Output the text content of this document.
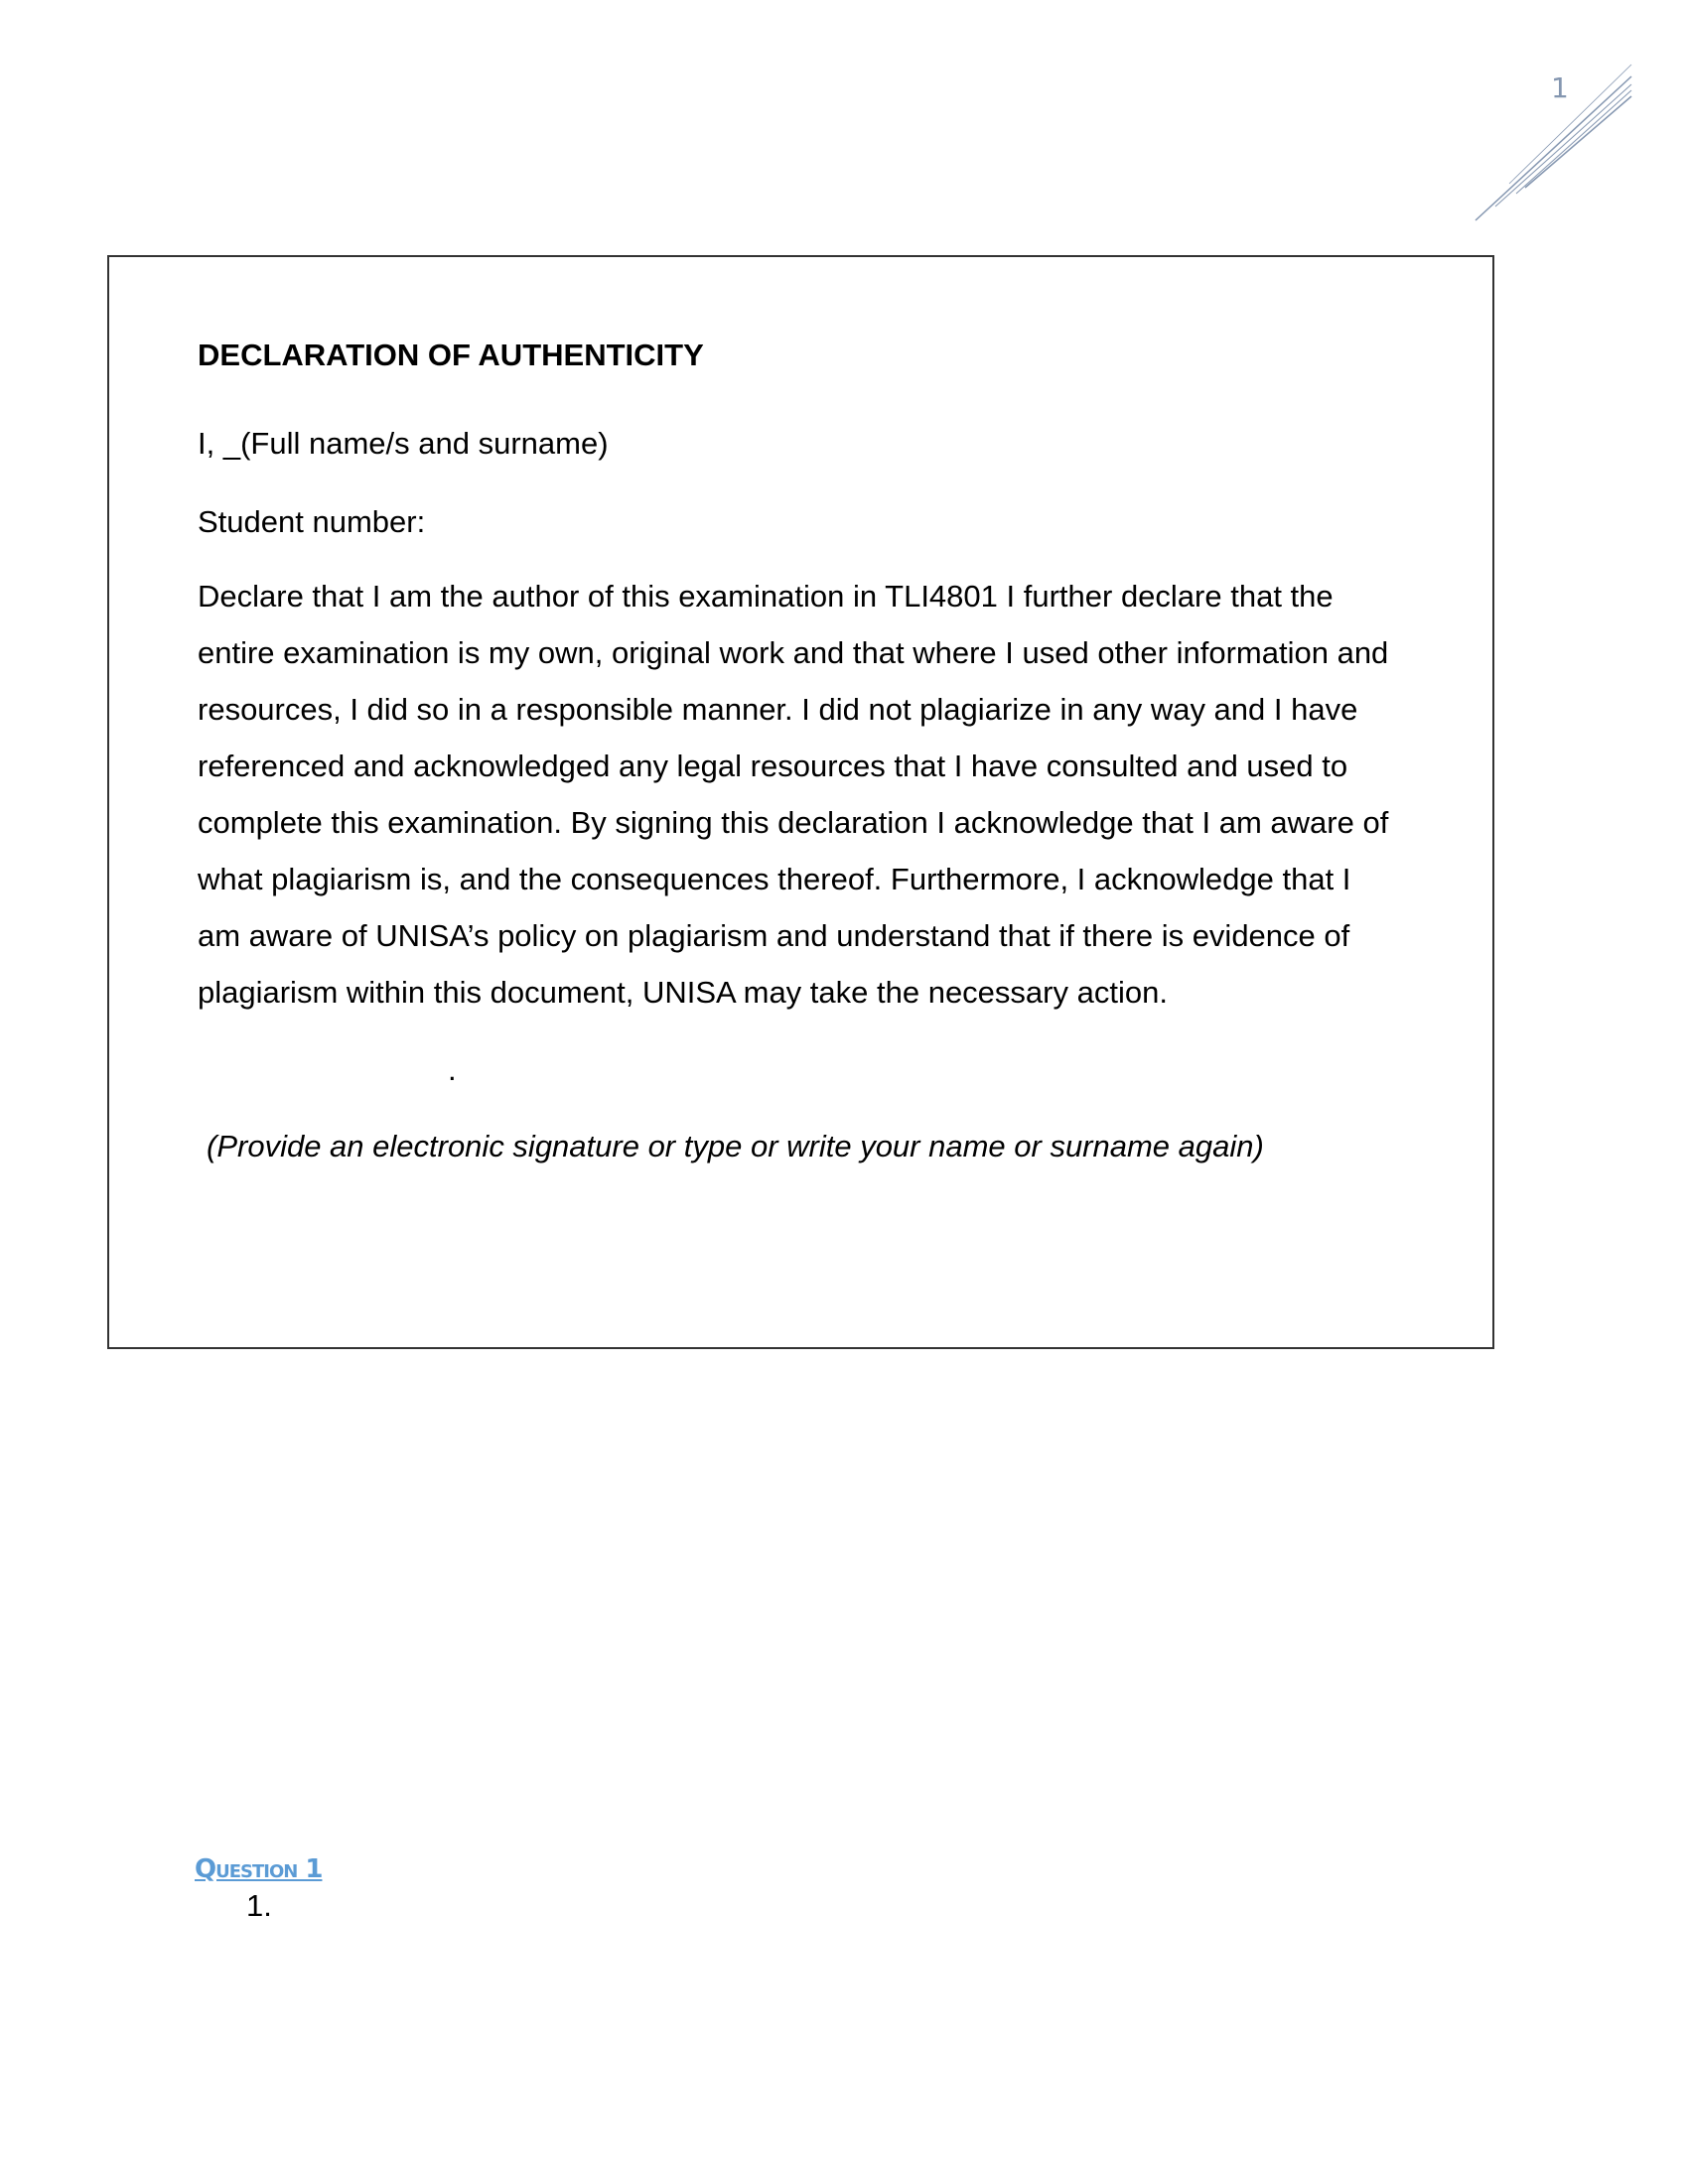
1
DECLARATION OF AUTHENTICITY
I, _(Full name/s and surname)
Student number:
Declare that I am the author of this examination in TLI4801 I further declare that the
entire examination is my own, original work and that where I used other information and
resources, I did so in a responsible manner. I did not plagiarize in any way and I have
referenced and acknowledged any legal resources that I have consulted and used to
complete this examination. By signing this declaration I acknowledge that I am aware of
what plagiarism is, and the consequences thereof. Furthermore, I acknowledge that I
am aware of UNISA’s policy on plagiarism and understand that if there is evidence of
plagiarism within this document, UNISA may take the necessary action.
.
(Provide an electronic signature or type or write your name or surname again)
Question 1
1.
